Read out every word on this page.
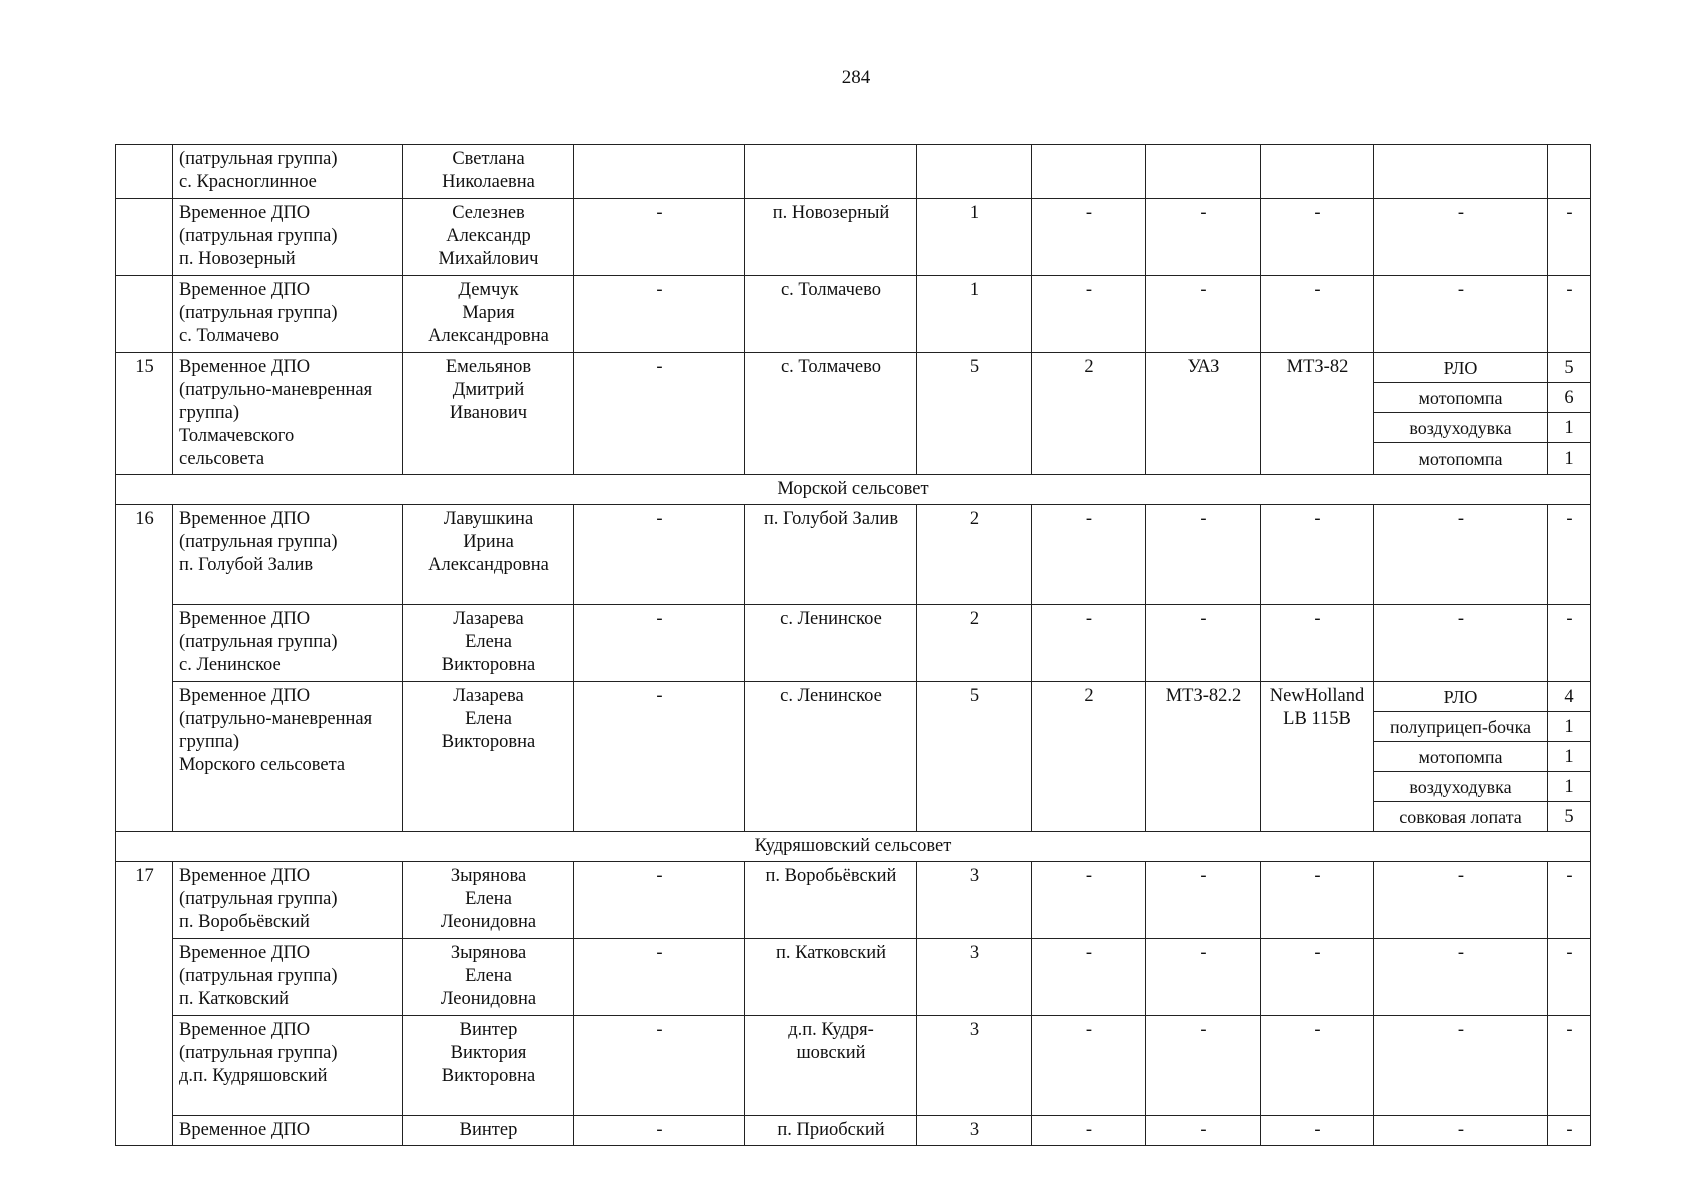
284

	(патрульная группа)
с. Красноглинное	Светлана
Николаевна								

	Временное ДПО
(патрульная группа)
п. Новозерный	Селезнев
Александр
Михайлович	-	п. Новозерный	1	-	-	-	-	-

	Временное ДПО
(патрульная группа)
с. Толмачево	Демчук
Мария
Александровна	-	с. Толмачево	1	-	-	-	-	-
15	Временное ДПО
(патрульно-маневренная
группа)
Толмачевского
сельсовета	Емельянов
Дмитрий
Иванович	-	с. Толмачево	5	2	УАЗ	МТЗ-82	РЛО	5
									мотопомпа	6
									воздуходувка	1
									мотопомпа	1
Морской сельсовет										
16	Временное ДПО
(патрульная группа)
п. Голубой Залив	Лавушкина
Ирина
Александровна	-	п. Голубой Залив	2	-	-	-	-	-

	Временное ДПО
(патрульная группа)
с. Ленинское	Лазарева
Елена
Викторовна	-	с. Ленинское	2	-	-	-	-	-

	Временное ДПО
(патрульно-маневренная
группа)
Морского сельсовета	Лазарева
Елена
Викторовна	-	с. Ленинское	5	2	МТЗ-82.2	NewHolland
LB 115B	РЛО	4
									полуприцеп-бочка	1
									мотопомпа	1
									воздуходувка	1
									совковая лопата	5
Кудряшовский сельсовет										
17	Временное ДПО
(патрульная группа)
п. Воробьёвский	Зырянова
Елена
Леонидовна	-	п. Воробьёвский	3	-	-	-	-	-

	Временное ДПО
(патрульная группа)
п. Катковский	Зырянова
Елена
Леонидовна	-	п. Катковский	3	-	-	-	-	-

	Временное ДПО
(патрульная группа)
д.п. Кудряшовский	Винтер
Виктория
Викторовна	-	д.п. Кудря-
шовский	3	-	-	-	-	-

	Временное ДПО	Винтер	-	п. Приобский	3	-	-	-	-	-
